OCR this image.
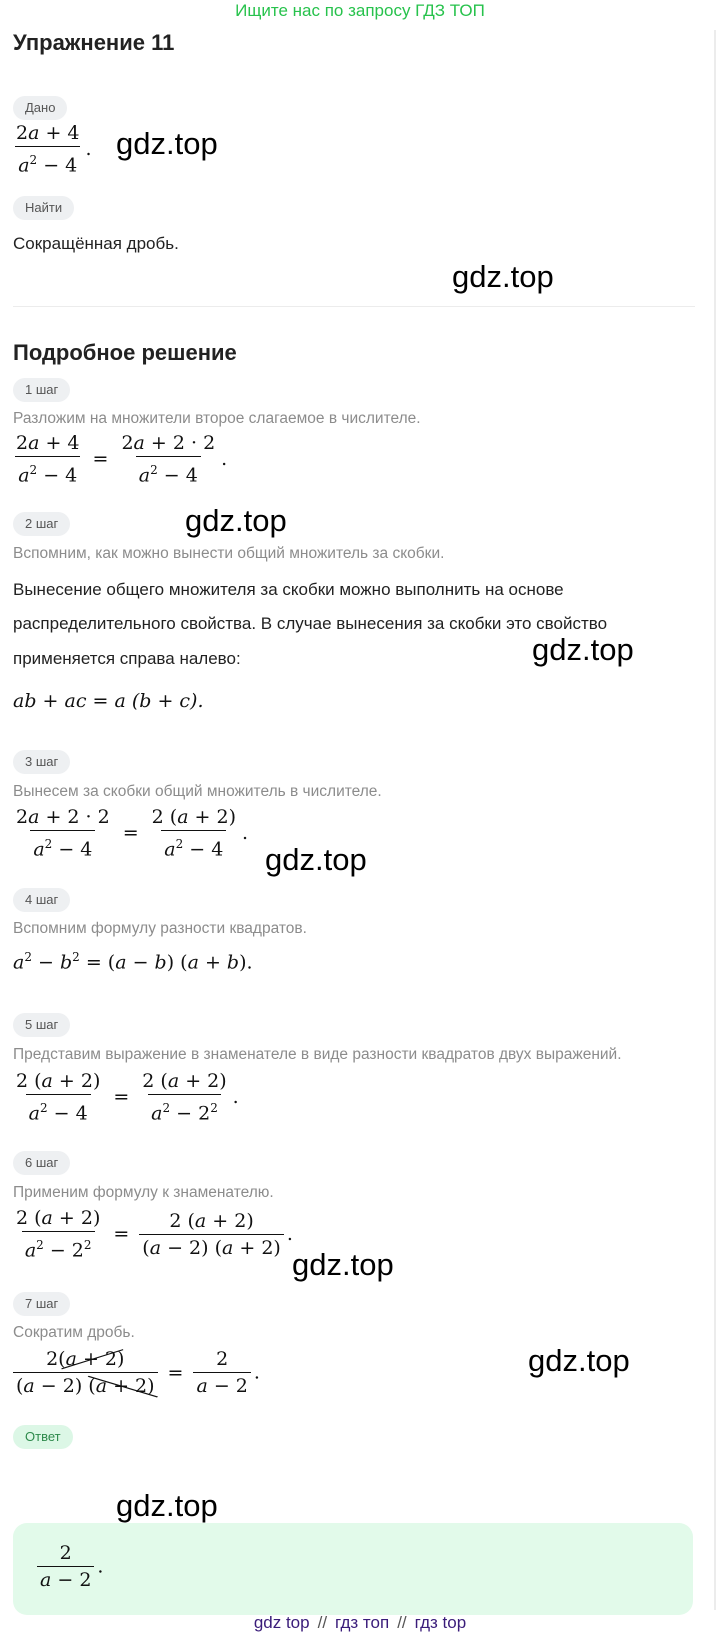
Ищите нас по запросу ГДЗ ТОП
Упражнение 11
Дано
$\frac{2a + 4}{a^2 - 4}$ . gdz.top
Найти
Сокращённая дробь.
gdz.top
Подробное решение
1 шаг
Разложим на множители второе слагаемое в числителе.
$\frac{2a + 4}{a^2 - 4} = \frac{2a + 2 \cdot 2}{a^2 - 4}$ .
2 шаг	gdz.top
Вспомним, как можно вынести общий множитель за скобки.
Вынесение общего множителя за скобки можно выполнить на основе
распределительного свойства. В случае вынесения за скобки это свойство
применяется справа налево:	gdz.top
ab + ac = a (b + c).
3 шаг
Вынесем за скобки общий множитель в числителе.
$\frac{2a + 2 \cdot 2}{a^2 - 4} = \frac{2 (a + 2)}{a^2 - 4}$ .
gdz.top
4 шаг
Вспомним формулу разности квадратов.
$a^2 - b^2 = (a - b) (a + b)$.
5 шаг
Представим выражение в знаменателе в виде разности квадратов двух выражений.
$\frac{2 (a + 2)}{a^2 - 4} = \frac{2 (a + 2)}{a^2 - 2^2}$ .
6 шаг
Применим формулу к знаменателю.
$\frac{2 (a + 2)}{a^2 - 2^2} = \frac{2 (a + 2)}{(a - 2) (a + 2)}$ .
gdz.top
7 шаг
Сократим дробь.
$\frac{2(a + 2)}{(a - 2) (a + 2)} = \frac{2}{a - 2}$ .	gdz.top
Ответ
$\frac{2}{a - 2}$ .
gdz.top
gdz top // гдз топ // гдз top
